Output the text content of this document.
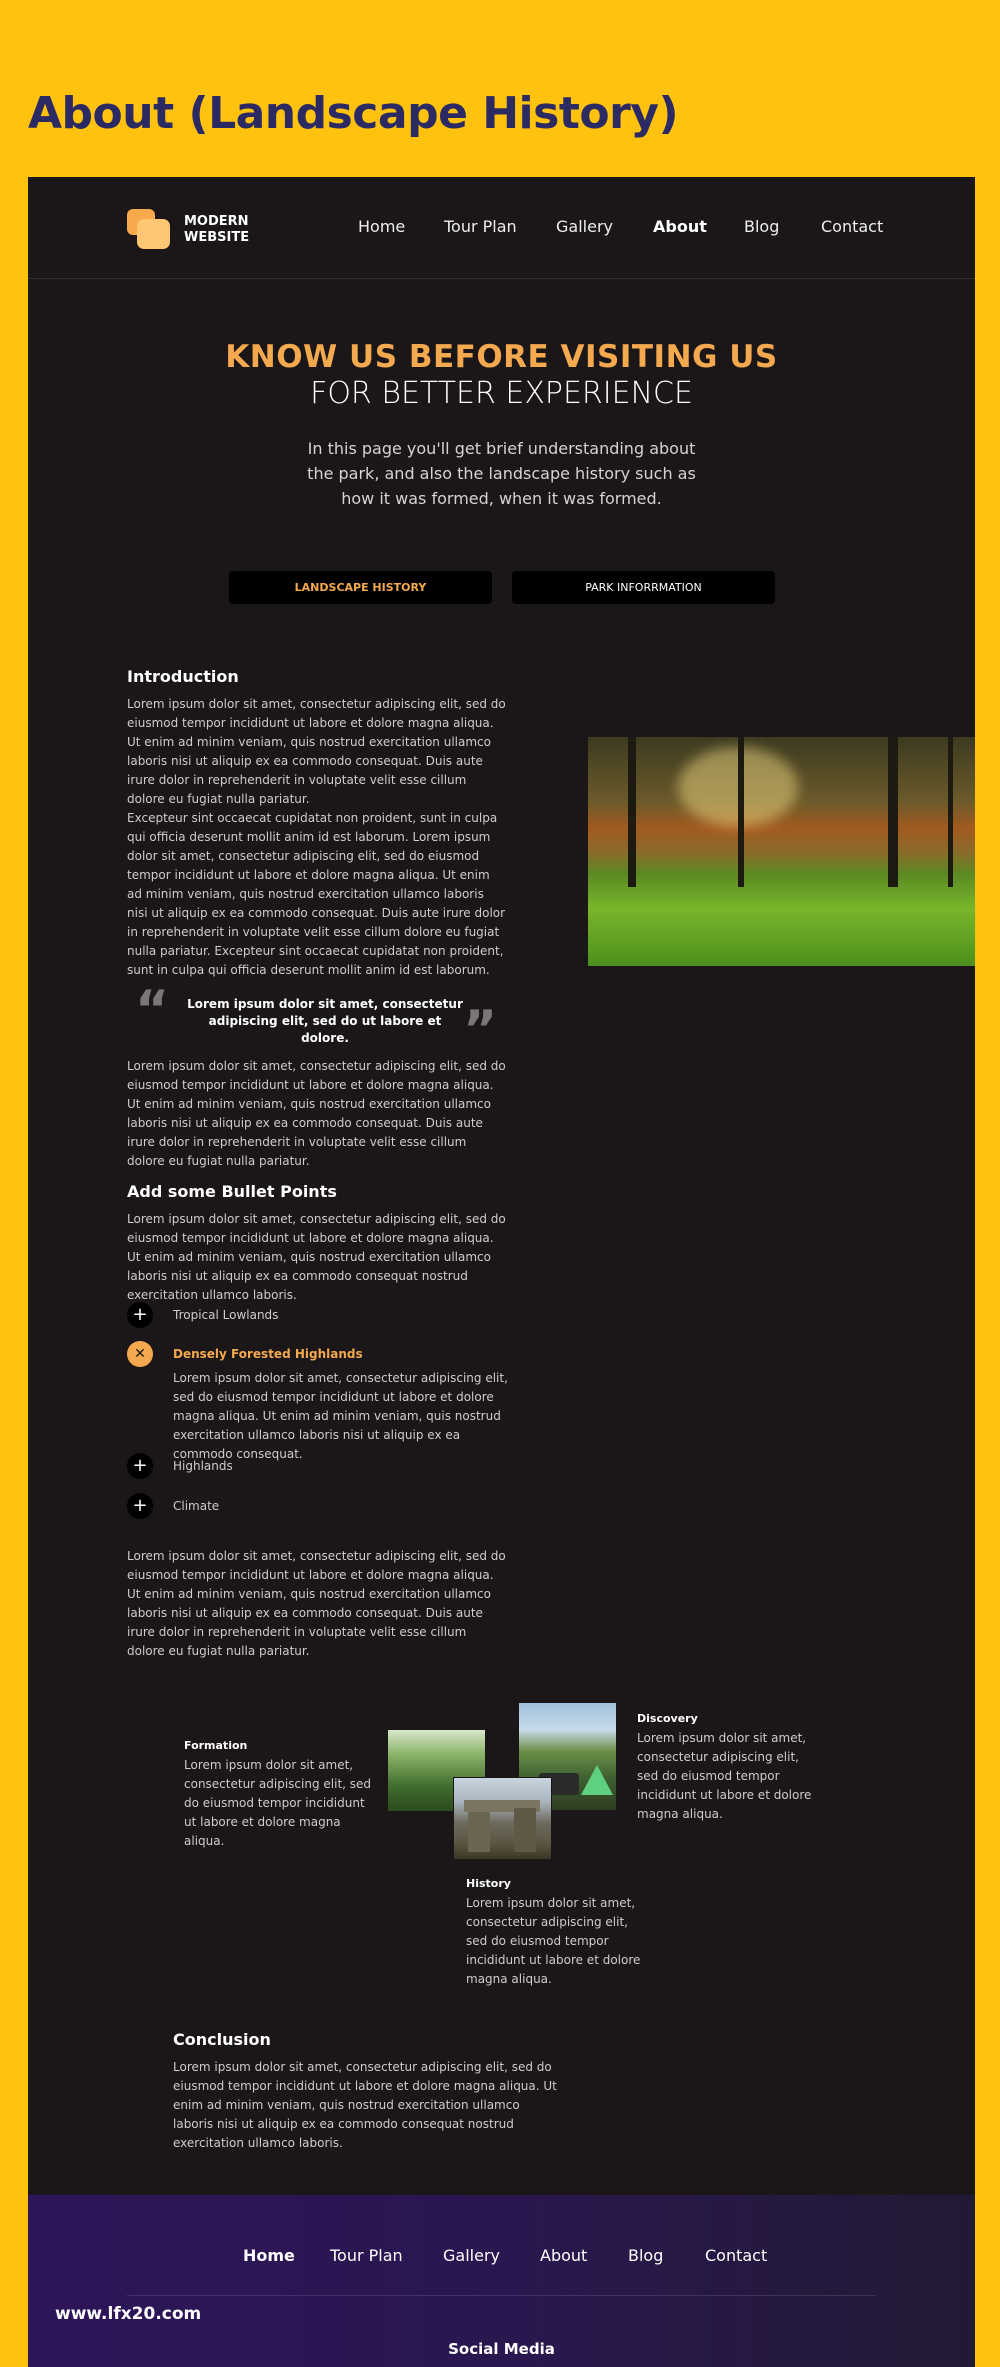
About (Landscape History)
MODERN
WEBSITE
Home Tour Plan Gallery	About Blog	Contact
KNOW US BEFORE VISITING US
FOR BETTER EXPERIENCE

In this page you'll get brief understanding about the park, and also the landscape history such as how it was formed, when it was formed.

LANDSCAPE HISTORY	PARK INFORRMATION
Introduction

Lorem ipsum dolor sit amet, consectetur adipiscing elit, sed do eiusmod tempor incididunt ut labore et dolore magna aliqua. Ut enim ad minim veniam, quis nostrud exercitation ullamco laboris nisi ut aliquip ex ea commodo consequat. Duis aute irure dolor in reprehenderit in voluptate velit esse cillum dolore eu fugiat nulla pariatur.

Excepteur sint occaecat cupidatat non proident, sunt in culpa qui officia deserunt mollit anim id est laborum. Lorem ipsum dolor sit amet, consectetur adipiscing elit, sed do eiusmod tempor incididunt ut labore et dolore magna aliqua. Ut enim ad minim veniam, quis nostrud exercitation ullamco laboris nisi ut aliquip ex ea commodo consequat. Duis aute irure dolor in reprehenderit in voluptate velit esse cillum dolore eu fugiat nulla pariatur. Excepteur sint occaecat cupidatat non proident, sunt in culpa qui officia deserunt mollit anim id est laborum.

“ Lorem ipsum dolor sit amet, consectetur adipiscing elit, sed do ut labore et dolore.	”

Lorem ipsum dolor sit amet, consectetur adipiscing elit, sed do eiusmod tempor incididunt ut labore et dolore magna aliqua. Ut enim ad minim veniam, quis nostrud exercitation ullamco laboris nisi ut aliquip ex ea commodo consequat. Duis aute irure dolor in reprehenderit in voluptate velit esse cillum dolore eu fugiat nulla pariatur.

Add some Bullet Points

Lorem ipsum dolor sit amet, consectetur adipiscing elit, sed do eiusmod tempor incididunt ut labore et dolore magna aliqua. Ut enim ad minim veniam, quis nostrud exercitation ullamco laboris nisi ut aliquip ex ea commodo consequat nostrud exercitation ullamco laboris.

+	Tropical Lowlands
✕	Densely Forested Highlands

Lorem ipsum dolor sit amet, consectetur adipiscing elit, sed do eiusmod tempor incididunt ut labore et dolore magna aliqua. Ut enim ad minim veniam, quis nostrud exercitation ullamco laboris nisi ut aliquip ex ea commodo consequat.

+	Highlands
+	Climate

Lorem ipsum dolor sit amet, consectetur adipiscing elit, sed do eiusmod tempor incididunt ut labore et dolore magna aliqua. Ut enim ad minim veniam, quis nostrud exercitation ullamco laboris nisi ut aliquip ex ea commodo consequat. Duis aute irure dolor in reprehenderit in voluptate velit esse cillum dolore eu fugiat nulla pariatur.

Formation

Lorem ipsum dolor sit amet, consectetur adipiscing elit, sed do eiusmod tempor incididunt ut labore et dolore magna aliqua.

Discovery

Lorem ipsum dolor sit amet, consectetur adipiscing elit, sed do eiusmod tempor incididunt ut labore et dolore magna aliqua.

History

Lorem ipsum dolor sit amet, consectetur adipiscing elit, sed do eiusmod tempor incididunt ut labore et dolore magna aliqua.

Conclusion

Lorem ipsum dolor sit amet, consectetur adipiscing elit, sed do eiusmod tempor incididunt ut labore et dolore magna aliqua. Ut enim ad minim veniam, quis nostrud exercitation ullamco laboris nisi ut aliquip ex ea commodo consequat nostrud exercitation ullamco laboris.

Home Tour Plan	Gallery	About	Blog	Contact
Social Media
www.lfx20.com
